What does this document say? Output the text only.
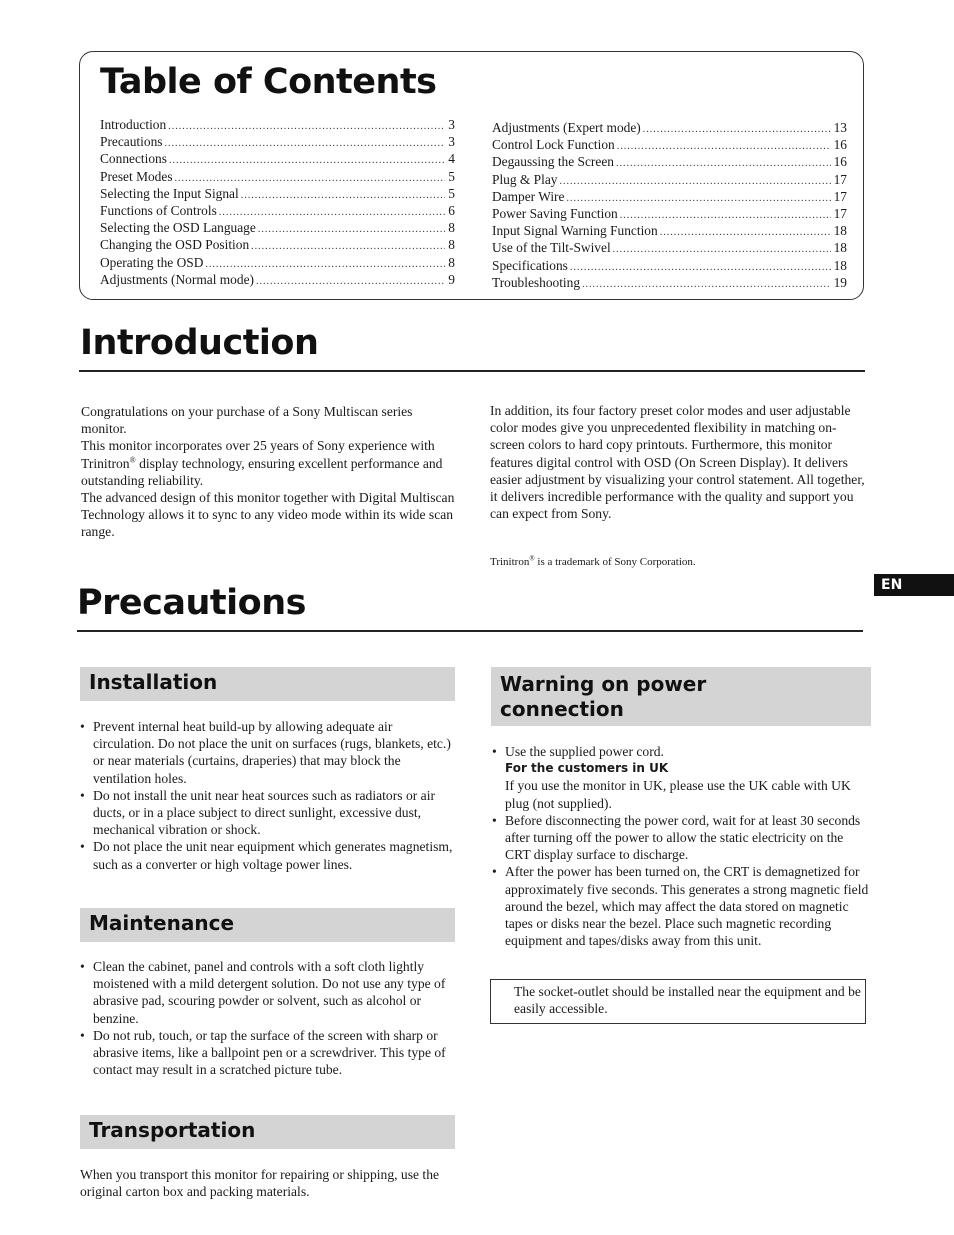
Table of Contents
Introduction .....	3
Precautions .....	3
Connections .....	4
Preset Modes .....	5
Selecting the Input Signal .....	5
Functions of Controls .....	6
Selecting the OSD Language .....	8
Changing the OSD Position .....	8
Operating the OSD .....	8
Adjustments (Normal mode) .....	9
Adjustments (Expert mode) .....	13
Control Lock Function .....	16
Degaussing the Screen .....	16
Plug & Play .....	17
Damper Wire .....	17
Power Saving Function .....	17
Input Signal Warning Function .....	18
Use of the Tilt-Swivel .....	18
Specifications .....	18
Troubleshooting .....	19
Introduction

Congratulations on your purchase of a Sony Multiscan series monitor.

This monitor incorporates over 25 years of Sony experience with Trinitron® display technology, ensuring excellent performance and outstanding reliability.

The advanced design of this monitor together with Digital Multiscan Technology allows it to sync to any video mode within its wide scan range.

In addition, its four factory preset color modes and user adjustable color modes give you unprecedented flexibility in matching on-screen colors to hard copy printouts. Furthermore, this monitor features digital control with OSD (On Screen Display). It delivers easier adjustment by visualizing your control statement. All together, it delivers incredible performance with the quality and support you can expect from Sony.

Trinitron® is a trademark of Sony Corporation.

EN
Precautions
Installation
• Prevent internal heat build-up by allowing adequate air circulation. Do not place the unit on surfaces (rugs, blankets, etc.) or near materials (curtains, draperies) that may block the ventilation holes.
• Do not install the unit near heat sources such as radiators or air ducts, or in a place subject to direct sunlight, excessive dust, mechanical vibration or shock.
• Do not place the unit near equipment which generates magnetism, such as a converter or high voltage power lines.
Maintenance
• Clean the cabinet, panel and controls with a soft cloth lightly moistened with a mild detergent solution. Do not use any type of abrasive pad, scouring powder or solvent, such as alcohol or benzine.
• Do not rub, touch, or tap the surface of the screen with sharp or abrasive items, like a ballpoint pen or a screwdriver. This type of contact may result in a scratched picture tube.
Transportation

When you transport this monitor for repairing or shipping, use the original carton box and packing materials.

Warning on power
connection
• Use the supplied power cord.
For the customers in UK
If you use the monitor in UK, please use the UK cable with UK plug (not supplied).
• Before disconnecting the power cord, wait for at least 30 seconds after turning off the power to allow the static electricity on the CRT display surface to discharge.
• After the power has been turned on, the CRT is demagnetized for approximately five seconds. This generates a strong magnetic field around the bezel, which may affect the data stored on magnetic tapes or disks near the bezel. Place such magnetic recording equipment and tapes/disks away from this unit.
The socket-outlet should be installed near the equipment and be easily accessible.
